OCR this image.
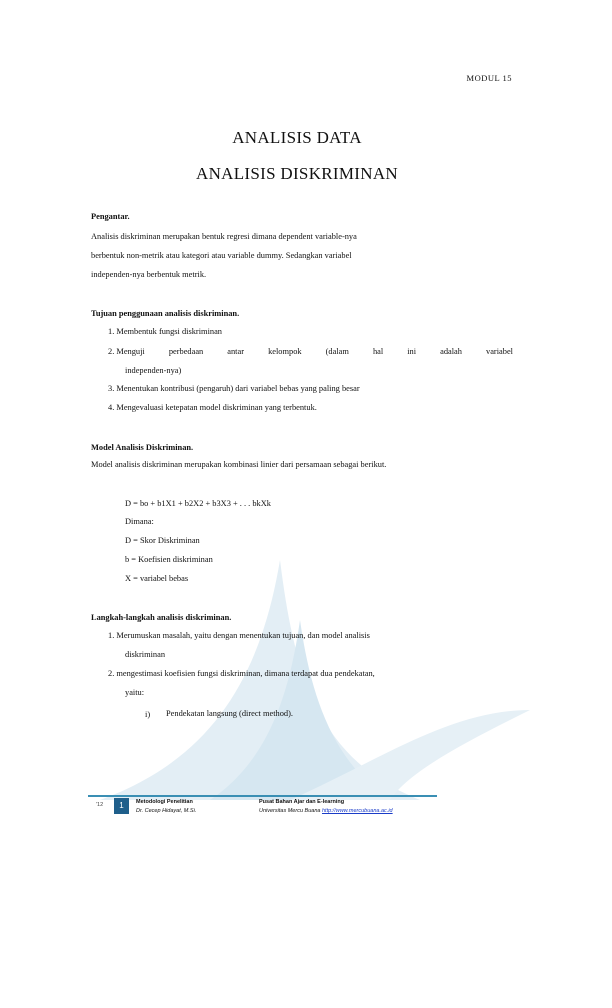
MODUL 15
ANALISIS DATA
ANALISIS DISKRIMINAN
Pengantar.
Analisis diskriminan merupakan bentuk regresi dimana dependent variable-nya
berbentuk non-metrik atau kategori atau variable dummy. Sedangkan variabel
independen-nya berbentuk metrik.
Tujuan penggunaan analisis diskriminan.
1. Membentuk fungsi diskriminan
2. Menguji	perbedaan	antar	kelompok	(dalam	hal	ini	adalah	variabel
independen-nya)
3. Menentukan kontribusi (pengaruh) dari variabel bebas yang paling besar
4. Mengevaluasi ketepatan model diskriminan yang terbentuk.
Model Analisis Diskriminan.
Model analisis diskriminan merupakan kombinasi linier dari persamaan sebagai berikut.
D = bo + b1X1 + b2X2 + b3X3 + . . . bkXk
Dimana:
D = Skor Diskriminan
b = Koefisien diskriminan
X = variabel bebas
Langkah-langkah analisis diskriminan.
1. Merumuskan masalah, yaitu dengan menentukan tujuan, dan model analisis
diskriminan
2. mengestimasi koefisien fungsi diskriminan, dimana terdapat dua pendekatan,
yaitu:
i) Pendekatan langsung (direct method).
'12	1	Metodologi Penelitian
Dr. Cecep Hidayat, M.Si.
Pusat Bahan Ajar dan E-learning
Universitas Mercu Buana http://www.mercubuana.ac.id
